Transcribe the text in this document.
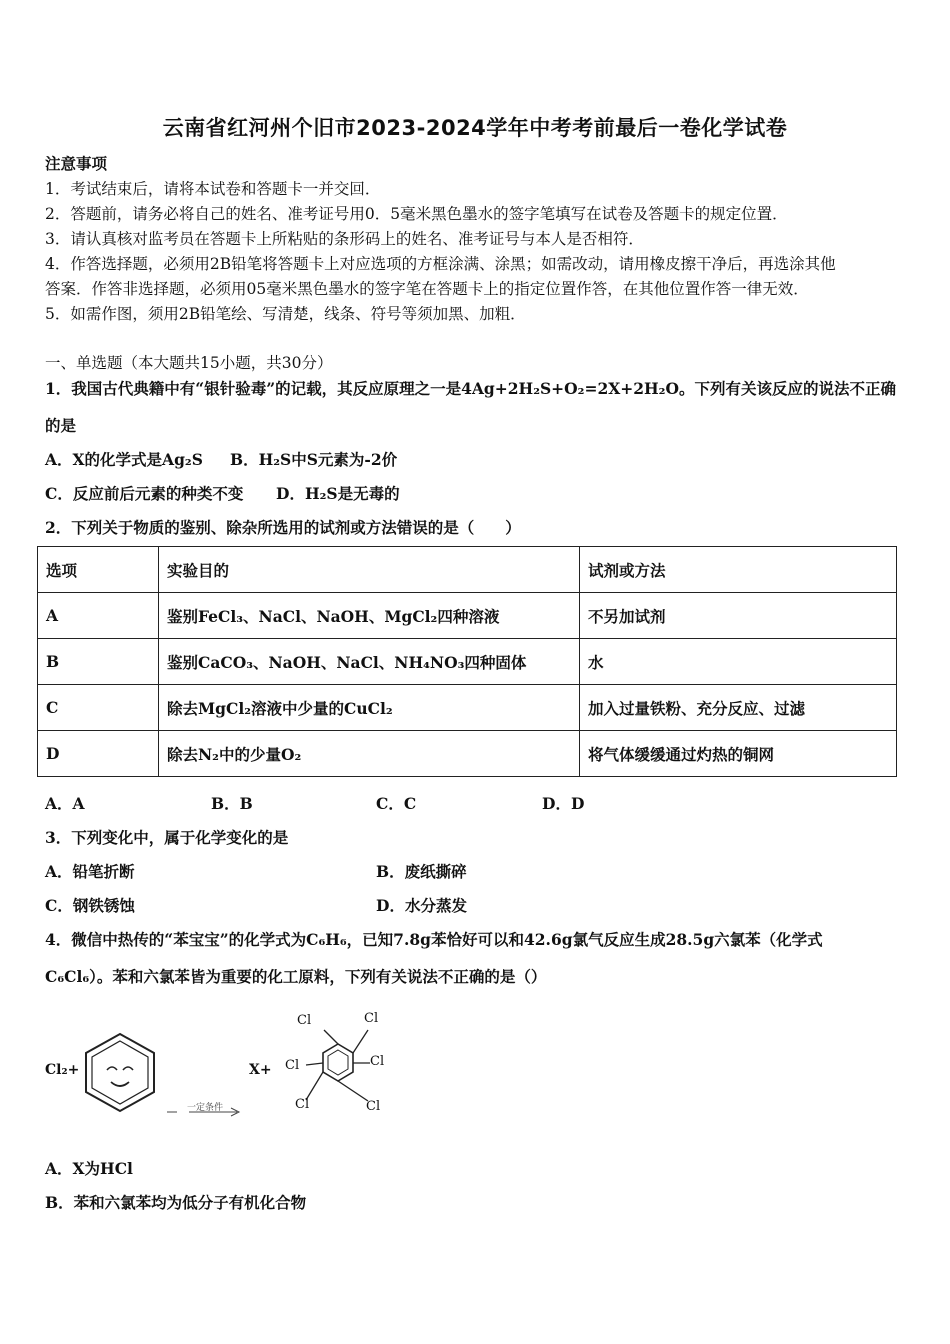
云南省红河州个旧市2023-2024学年中考考前最后一卷化学试卷
注意事项
1．考试结束后，请将本试卷和答题卡一并交回．
2．答题前，请务必将自己的姓名、准考证号用0．5毫米黑色墨水的签字笔填写在试卷及答题卡的规定位置．
3．请认真核对监考员在答题卡上所粘贴的条形码上的姓名、准考证号与本人是否相符．
4．作答选择题，必须用2B铅笔将答题卡上对应选项的方框涂满、涂黑；如需改动，请用橡皮擦干净后，再选涂其他
答案．作答非选择题，必须用05毫米黑色墨水的签字笔在答题卡上的指定位置作答，在其他位置作答一律无效．
5．如需作图，须用2B铅笔绘、写清楚，线条、符号等须加黑、加粗．
一、单选题（本大题共15小题，共30分）
1．我国古代典籍中有“银针验毒”的记载，其反应原理之一是4Ag+2H₂S+O₂=2X+2H₂O。下列有关该反应的说法不正确
的是
A．X的化学式是Ag₂S B．H₂S中S元素为-2价
C．反应前后元素的种类不变 D．H₂S是无毒的
2．下列关于物质的鉴别、除杂所选用的试剂或方法错误的是（　　）
选项	实验目的	试剂或方法
A	鉴别FeCl₃、NaCl、NaOH、MgCl₂四种溶液	不另加试剂
B	鉴别CaCO₃、NaOH、NaCl、NH₄NO₃四种固体	水
C	除去MgCl₂溶液中少量的CuCl₂	加入过量铁粉、充分反应、过滤
D	除去N₂中的少量O₂	将气体缓缓通过灼热的铜网
A．A	B．B	C．C	D．D
3．下列变化中，属于化学变化的是
A．铅笔折断	B．废纸撕碎
C．钢铁锈蚀	D．水分蒸发
4．微信中热传的“苯宝宝”的化学式为C₆H₆，已知7.8g苯恰好可以和42.6g氯气反应生成28.5g六氯苯（化学式
C₆Cl₆）。苯和六氯苯皆为重要的化工原料，下列有关说法不正确的是（）
Cl₂+
一定条件
X+
Cl	Cl
Cl	Cl
Cl	Cl
A．X为HCl
B．苯和六氯苯均为低分子有机化合物
